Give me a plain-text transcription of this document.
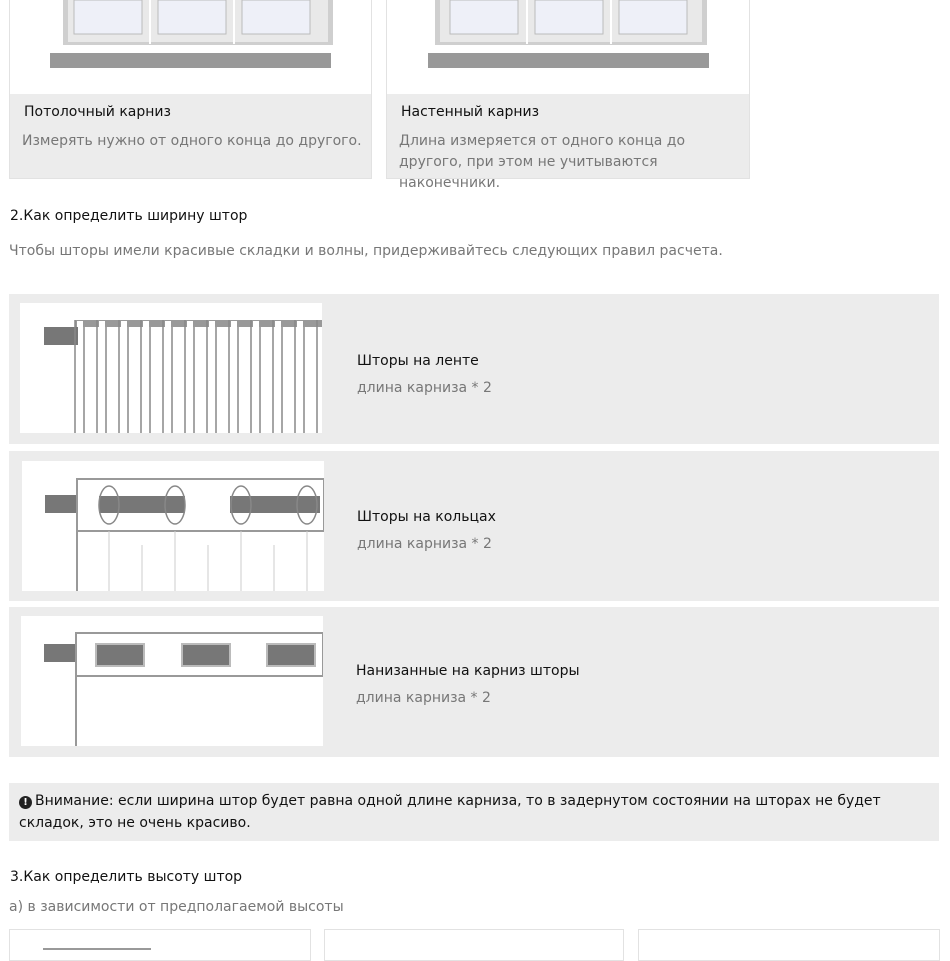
Потолочный карниз
Измерять нужно от одного конца до другого.
Настенный карниз
Длина измеряется от одного конца до другого, при этом не учитываются наконечники.
2.Как определить ширину штор
Чтобы шторы имели красивые складки и волны, придерживайтесь следующих правил расчета.
Шторы на ленте
длина карниза * 2
Шторы на кольцах
длина карниза * 2
Нанизанные на карниз шторы
длина карниза * 2
! Внимание: если ширина штор будет равна одной длине карниза, то в задернутом состоянии на шторах не будет складок, это не очень красиво.
3.Как определить высоту штор
а) в зависимости от предполагаемой высоты
